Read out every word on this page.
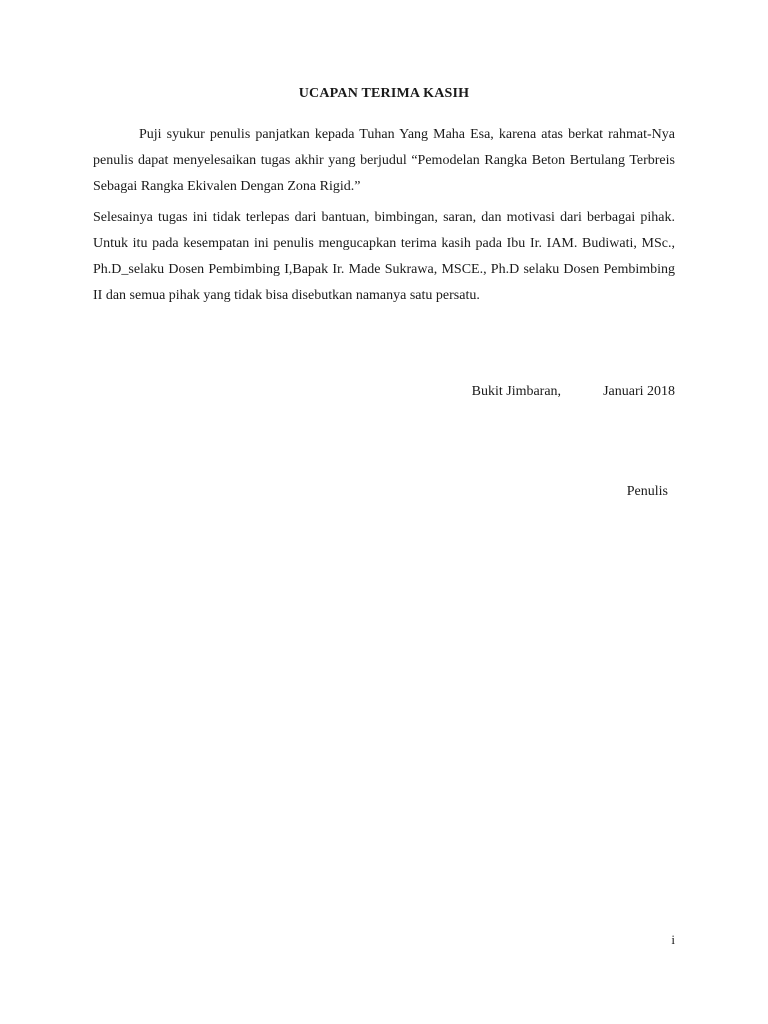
UCAPAN TERIMA KASIH

Puji syukur penulis panjatkan kepada Tuhan Yang Maha Esa, karena atas berkat rahmat-Nya penulis dapat menyelesaikan tugas akhir yang berjudul “Pemodelan Rangka Beton Bertulang Terbreis Sebagai Rangka Ekivalen Dengan Zona Rigid.”

Selesainya tugas ini tidak terlepas dari bantuan, bimbingan, saran, dan motivasi dari berbagai pihak. Untuk itu pada kesempatan ini penulis mengucapkan terima kasih pada Ibu Ir. IAM. Budiwati, MSc., Ph.D_selaku Dosen Pembimbing I,Bapak Ir. Made Sukrawa, MSCE., Ph.D selaku Dosen Pembimbing II dan semua pihak yang tidak bisa disebutkan namanya satu persatu.

Bukit Jimbaran,	Januari 2018
Penulis
i
